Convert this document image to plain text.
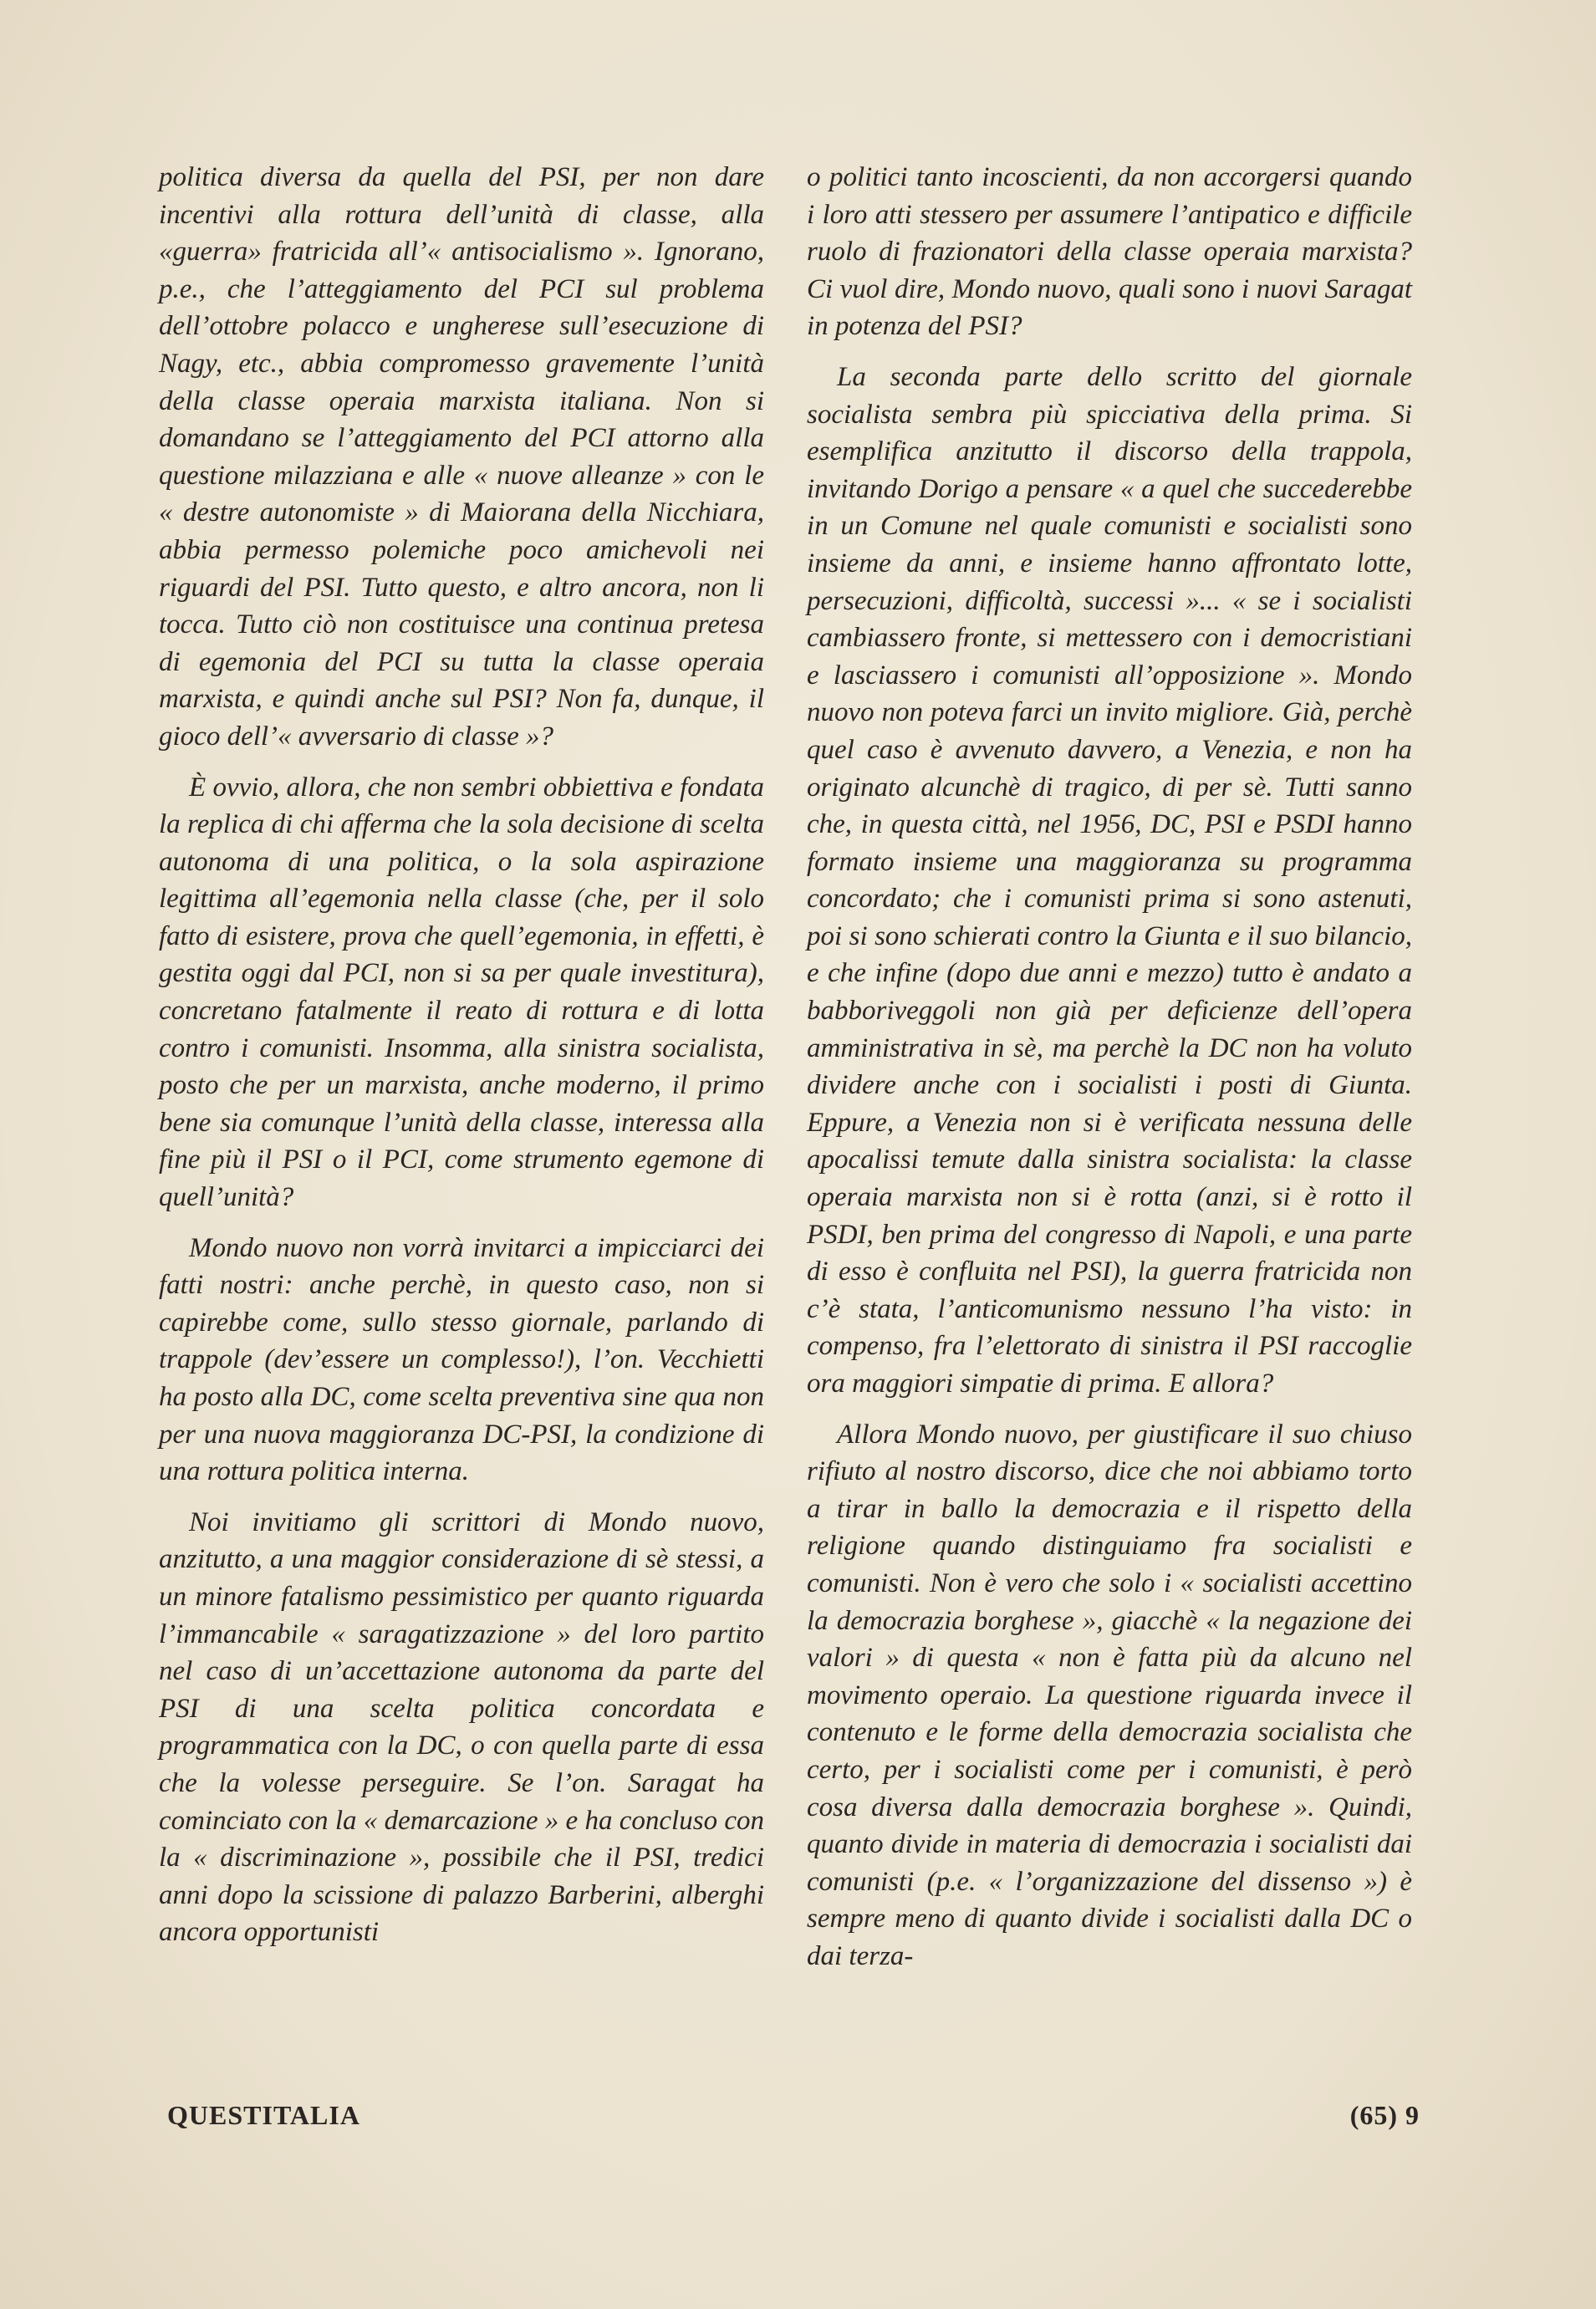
politica diversa da quella del PSI, per non dare incentivi alla rottura dell’unità di classe, alla «guerra» fratricida all’« antisocialismo ». Ignorano, p.e., che l’atteggiamento del PCI sul problema dell’ottobre polacco e ungherese sull’esecuzione di Nagy, etc., abbia compromesso gravemente l’unità della classe operaia marxista italiana. Non si domandano se l’atteggiamento del PCI attorno alla questione milazziana e alle « nuove alleanze » con le « destre autonomiste » di Maiorana della Nicchiara, abbia permesso polemiche poco amichevoli nei riguardi del PSI. Tutto questo, e altro ancora, non li tocca. Tutto ciò non costituisce una continua pretesa di egemonia del PCI su tutta la classe operaia marxista, e quindi anche sul PSI? Non fa, dunque, il gioco dell’« avversario di classe »?

È ovvio, allora, che non sembri obbiettiva e fondata la replica di chi afferma che la sola decisione di scelta autonoma di una politica, o la sola aspirazione legittima all’egemonia nella classe (che, per il solo fatto di esistere, prova che quell’egemonia, in effetti, è gestita oggi dal PCI, non si sa per quale investitura), concretano fatalmente il reato di rottura e di lotta contro i comunisti. Insomma, alla sinistra socialista, posto che per un marxista, anche moderno, il primo bene sia comunque l’unità della classe, interessa alla fine più il PSI o il PCI, come strumento egemone di quell’unità?

Mondo nuovo non vorrà invitarci a impicciarci dei fatti nostri: anche perchè, in questo caso, non si capirebbe come, sullo stesso giornale, parlando di trappole (dev’essere un complesso!), l’on. Vecchietti ha posto alla DC, come scelta preventiva sine qua non per una nuova maggioranza DC-PSI, la condizione di una rottura politica interna.

Noi invitiamo gli scrittori di Mondo nuovo, anzitutto, a una maggior considerazione di sè stessi, a un minore fatalismo pessimistico per quanto riguarda l’immancabile « saragatizzazione » del loro partito nel caso di un’accettazione autonoma da parte del PSI di una scelta politica concordata e programmatica con la DC, o con quella parte di essa che la volesse perseguire. Se l’on. Saragat ha cominciato con la « demarcazione » e ha concluso con la « discriminazione », possibile che il PSI, tredici anni dopo la scissione di palazzo Barberini, alberghi ancora opportunisti

o politici tanto incoscienti, da non accorgersi quando i loro atti stessero per assumere l’antipatico e difficile ruolo di frazionatori della classe operaia marxista? Ci vuol dire, Mondo nuovo, quali sono i nuovi Saragat in potenza del PSI?

La seconda parte dello scritto del giornale socialista sembra più spicciativa della prima. Si esemplifica anzitutto il discorso della trappola, invitando Dorigo a pensare « a quel che succederebbe in un Comune nel quale comunisti e socialisti sono insieme da anni, e insieme hanno affrontato lotte, persecuzioni, difficoltà, successi »... « se i socialisti cambiassero fronte, si mettessero con i democristiani e lasciassero i comunisti all’opposizione ». Mondo nuovo non poteva farci un invito migliore. Già, perchè quel caso è avvenuto davvero, a Venezia, e non ha originato alcunchè di tragico, di per sè. Tutti sanno che, in questa città, nel 1956, DC, PSI e PSDI hanno formato insieme una maggioranza su programma concordato; che i comunisti prima si sono astenuti, poi si sono schierati contro la Giunta e il suo bilancio, e che infine (dopo due anni e mezzo) tutto è andato a babboriveggoli non già per deficienze dell’opera amministrativa in sè, ma perchè la DC non ha voluto dividere anche con i socialisti i posti di Giunta. Eppure, a Venezia non si è verificata nessuna delle apocalissi temute dalla sinistra socialista: la classe operaia marxista non si è rotta (anzi, si è rotto il PSDI, ben prima del congresso di Napoli, e una parte di esso è confluita nel PSI), la guerra fratricida non c’è stata, l’anticomunismo nessuno l’ha visto: in compenso, fra l’elettorato di sinistra il PSI raccoglie ora maggiori simpatie di prima. E allora?

Allora Mondo nuovo, per giustificare il suo chiuso rifiuto al nostro discorso, dice che noi abbiamo torto a tirar in ballo la democrazia e il rispetto della religione quando distinguiamo fra socialisti e comunisti. Non è vero che solo i « socialisti accettino la democrazia borghese », giacchè « la negazione dei valori » di questa « non è fatta più da alcuno nel movimento operaio. La questione riguarda invece il contenuto e le forme della democrazia socialista che certo, per i socialisti come per i comunisti, è però cosa diversa dalla democrazia borghese ». Quindi, quanto divide in materia di democrazia i socialisti dai comunisti (p.e. « l’organizzazione del dissenso ») è sempre meno di quanto divide i socialisti dalla DC o dai terza-

QUESTITALIA	(65) 9
